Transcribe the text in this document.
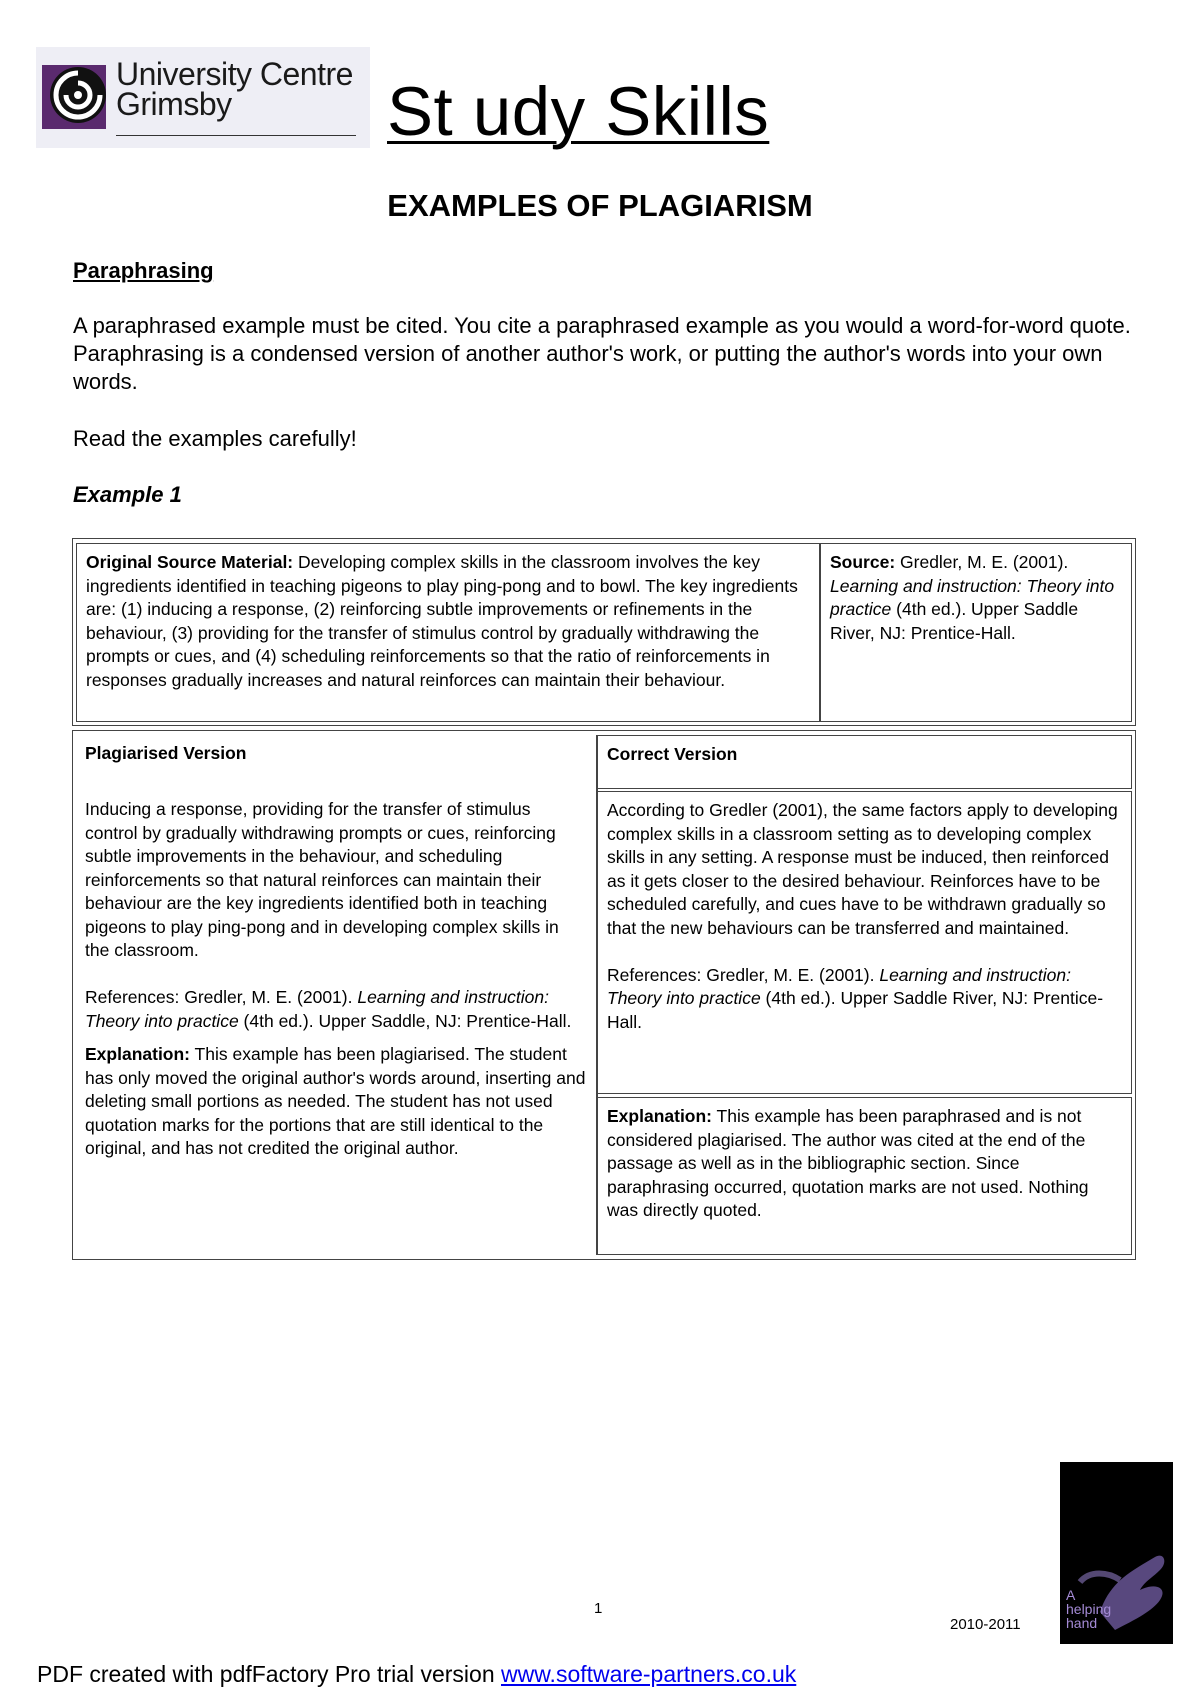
University Centre
Grimsby	St udy Skills
EXAMPLES OF PLAGIARISM
Paraphrasing
A paraphrased example must be cited. You cite a paraphrased example as you would a word-for-word quote. Paraphrasing is a condensed version of another author's work, or putting the author's words into your own words.
Read the examples carefully!
Example 1
Original Source Material: Developing complex skills in the classroom involves the key ingredients identified in teaching pigeons to play ping-pong and to bowl. The key ingredients are: (1) inducing a response, (2) reinforcing subtle improvements or refinements in the behaviour, (3) providing for the transfer of stimulus control by gradually withdrawing the prompts or cues, and (4) scheduling reinforcements so that the ratio of reinforcements in responses gradually increases and natural reinforces can maintain their behaviour.
Source: Gredler, M. E. (2001). Learning and instruction: Theory into practice (4th ed.). Upper Saddle River, NJ: Prentice-Hall.

Plagiarised Version

Inducing a response, providing for the transfer of stimulus control by gradually withdrawing prompts or cues, reinforcing subtle improvements in the behaviour, and scheduling reinforcements so that natural reinforces can maintain their behaviour are the key ingredients identified both in teaching pigeons to play ping-pong and in developing complex skills in the classroom.

References: Gredler, M. E. (2001). Learning and instruction: Theory into practice (4th ed.). Upper Saddle, NJ: Prentice-Hall.

Explanation: This example has been plagiarised. The student has only moved the original author's words around, inserting and deleting small portions as needed. The student has not used quotation marks for the portions that are still identical to the original, and has not credited the original author.

Correct Version

According to Gredler (2001), the same factors apply to developing complex skills in a classroom setting as to developing complex skills in any setting. A response must be induced, then reinforced as it gets closer to the desired behaviour. Reinforces have to be scheduled carefully, and cues have to be withdrawn gradually so that the new behaviours can be transferred and maintained.

References: Gredler, M. E. (2001). Learning and instruction: Theory into practice (4th ed.). Upper Saddle River, NJ: Prentice-Hall.

Explanation: This example has been paraphrased and is not considered plagiarised. The author was cited at the end of the passage as well as in the bibliographic section. Since paraphrasing occurred, quotation marks are not used. Nothing was directly quoted.

1
2010-2011
A helping hand
PDF created with pdfFactory Pro trial version www.software-partners.co.uk
